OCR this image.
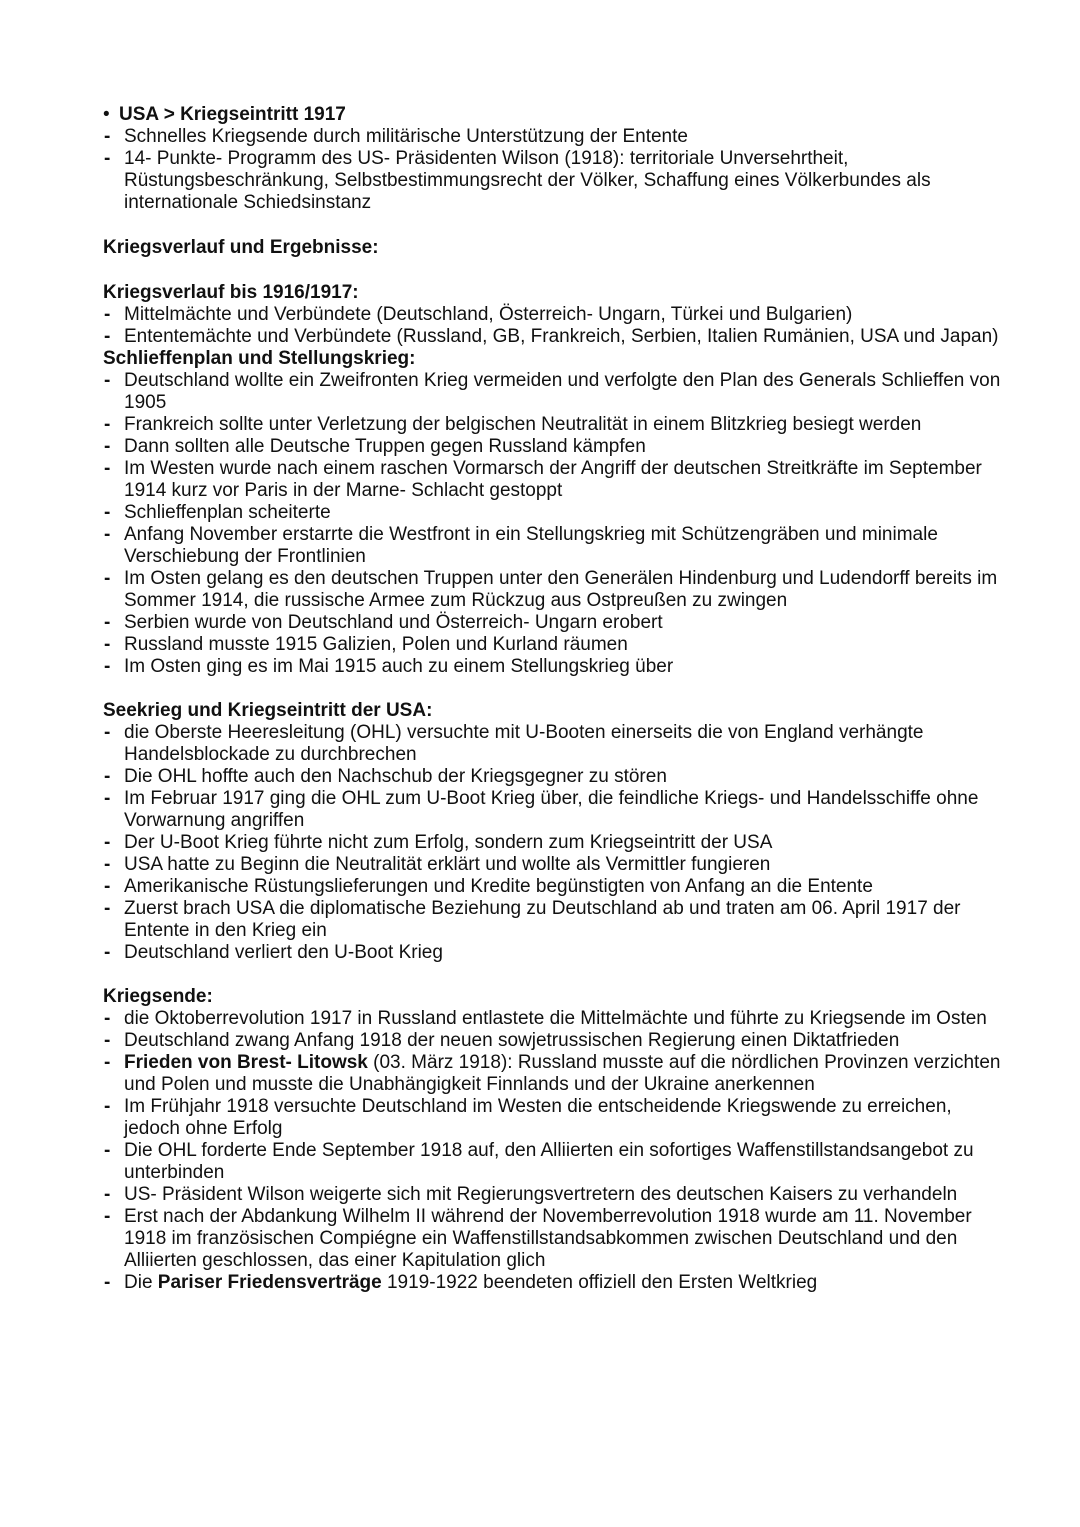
• USA > Kriegseintritt 1917
- Schnelles Kriegsende durch militärische Unterstützung der Entente
- 14- Punkte- Programm des US- Präsidenten Wilson (1918): territoriale Unversehrtheit, Rüstungsbeschränkung, Selbstbestimmungsrecht der Völker, Schaffung eines Völkerbundes als internationale Schiedsinstanz

Kriegsverlauf und Ergebnisse:

Kriegsverlauf bis 1916/1917:

- Mittelmächte und Verbündete (Deutschland, Österreich- Ungarn, Türkei und Bulgarien)
- Ententemächte und Verbündete (Russland, GB, Frankreich, Serbien, Italien Rumänien, USA und Japan)

Schlieffenplan und Stellungskrieg:

- Deutschland wollte ein Zweifronten Krieg vermeiden und verfolgte den Plan des Generals Schlieffen von 1905
- Frankreich sollte unter Verletzung der belgischen Neutralität in einem Blitzkrieg besiegt werden
- Dann sollten alle Deutsche Truppen gegen Russland kämpfen
- Im Westen wurde nach einem raschen Vormarsch der Angriff der deutschen Streitkräfte im September 1914 kurz vor Paris in der Marne- Schlacht gestoppt
- Schlieffenplan scheiterte
- Anfang November erstarrte die Westfront in ein Stellungskrieg mit Schützengräben und minimale Verschiebung der Frontlinien
- Im Osten gelang es den deutschen Truppen unter den Generälen Hindenburg und Ludendorff bereits im Sommer 1914, die russische Armee zum Rückzug aus Ostpreußen zu zwingen
- Serbien wurde von Deutschland und Österreich- Ungarn erobert
- Russland musste 1915 Galizien, Polen und Kurland räumen
- Im Osten ging es im Mai 1915 auch zu einem Stellungskrieg über

Seekrieg und Kriegseintritt der USA:

- die Oberste Heeresleitung (OHL) versuchte mit U-Booten einerseits die von England verhängte Handelsblockade zu durchbrechen
- Die OHL hoffte auch den Nachschub der Kriegsgegner zu stören
- Im Februar 1917 ging die OHL zum U-Boot Krieg über, die feindliche Kriegs- und Handelsschiffe ohne Vorwarnung angriffen
- Der U-Boot Krieg führte nicht zum Erfolg, sondern zum Kriegseintritt der USA
- USA hatte zu Beginn die Neutralität erklärt und wollte als Vermittler fungieren
- Amerikanische Rüstungslieferungen und Kredite begünstigten von Anfang an die Entente
- Zuerst brach USA die diplomatische Beziehung zu Deutschland ab und traten am 06. April 1917 der Entente in den Krieg ein
- Deutschland verliert den U-Boot Krieg

Kriegsende:

- die Oktoberrevolution 1917 in Russland entlastete die Mittelmächte und führte zu Kriegsende im Osten
- Deutschland zwang Anfang 1918 der neuen sowjetrussischen Regierung einen Diktatfrieden
- Frieden von Brest- Litowsk (03. März 1918): Russland musste auf die nördlichen Provinzen verzichten und Polen und musste die Unabhängigkeit Finnlands und der Ukraine anerkennen
- Im Frühjahr 1918 versuchte Deutschland im Westen die entscheidende Kriegswende zu erreichen, jedoch ohne Erfolg
- Die OHL forderte Ende September 1918 auf, den Alliierten ein sofortiges Waffenstillstandsangebot zu unterbinden
- US- Präsident Wilson weigerte sich mit Regierungsvertretern des deutschen Kaisers zu verhandeln
- Erst nach der Abdankung Wilhelm II während der Novemberrevolution 1918 wurde am 11. November 1918 im französischen Compiégne ein Waffenstillstandsabkommen zwischen Deutschland und den Alliierten geschlossen, das einer Kapitulation glich
- Die Pariser Friedensverträge 1919-1922 beendeten offiziell den Ersten Weltkrieg
